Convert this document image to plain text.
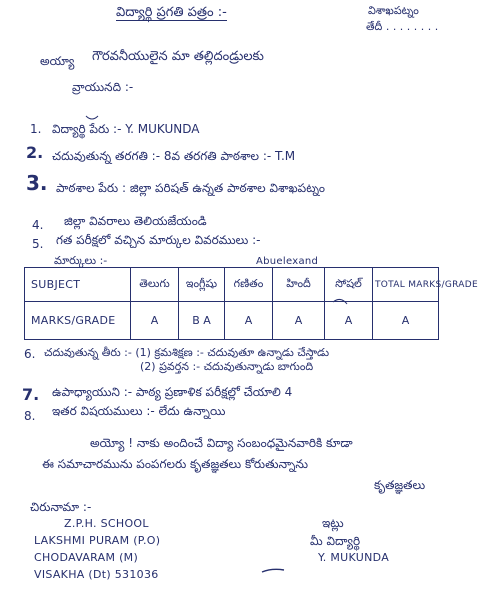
విద్యార్థి ప్రగతి పత్రం :-	విశాఖపట్నం
తేదీ . . . . . . . .
అయ్యా గౌరవనీయులైన మా తల్లిదండ్రులకు
వ్రాయునది :-
1. విద్యార్థి పేరు :- Y. MUKUNDA
2. చదువుతున్న తరగతి :- 8వ తరగతి పాఠశాల :- T.M
3. పాఠశాల పేరు : జిల్లా పరిషత్ ఉన్నత పాఠశాల విశాఖపట్నం
4. జిల్లా వివరాలు తెలియజేయండి
5. గత పరీక్షలో వచ్చిన మార్కుల వివరములు :-
మార్కులు :-	Abuelexand
SUBJECT	తెలుగు	ఇంగ్లీషు	గణితం	హిందీ	సోషల్	TOTAL MARKS/GRADE
MARKS/GRADE	A	B A	A	A	A	A
6. చదువుతున్న తీరు :- (1) క్రమశిక్షణ :- చదువుతూ ఉన్నాడు చేస్తాడు
(2) ప్రవర్తన :- చదువుతున్నాడు బాగుంది
7. ఉపాధ్యాయుని :- పాఠ్య ప్రణాళిక పరీక్షల్లో చేయాలి 4
8. ఇతర విషయములు :- లేదు ఉన్నాయి
అయ్యో ! నాకు అందించే విద్యా సంబంధమైనవారికి కూడా
ఈ సమాచారమును పంపగలరు కృతజ్ఞతలు కోరుతున్నాను
కృతజ్ఞతలు
చిరునామా :-
Z.P.H. SCHOOL
LAKSHMI PURAM (P.O)
CHODAVARAM (M)
VISAKHA (Dt) 531036
ఇట్లు
మీ విద్యార్థి
Y. MUKUNDA
